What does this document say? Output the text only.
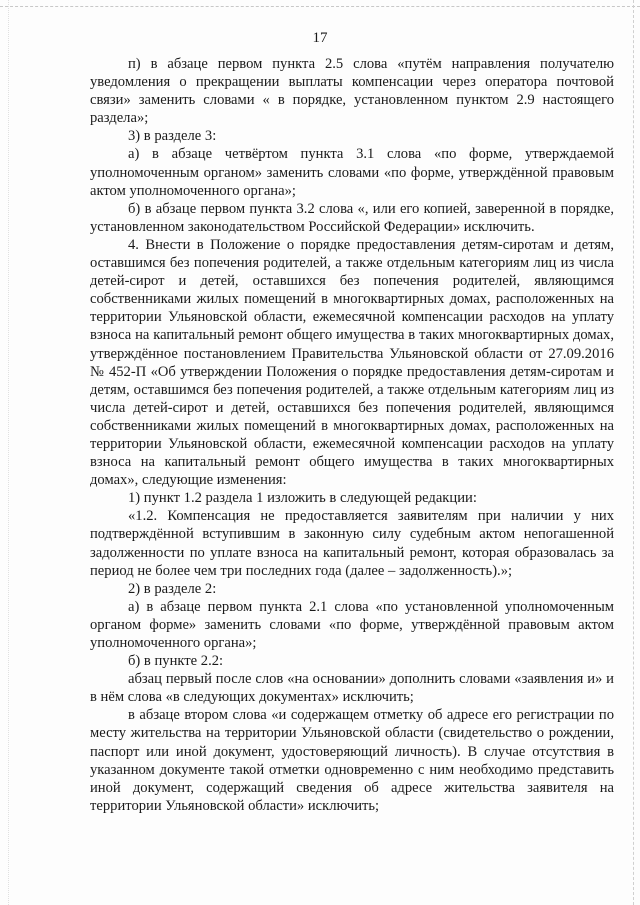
17

п) в абзаце первом пункта 2.5 слова «путём направления получателю уведомления о прекращении выплаты компенсации через оператора почтовой связи» заменить словами « в порядке, установленном пунктом 2.9 настоящего раздела»;

3) в разделе 3:

а) в абзаце четвёртом пункта 3.1 слова «по форме, утверждаемой уполномоченным органом» заменить словами «по форме, утверждённой правовым актом уполномоченного органа»;

б) в абзаце первом пункта 3.2 слова «, или его копией, заверенной в порядке, установленном законодательством Российской Федерации» исключить.

4. Внести в Положение о порядке предоставления детям-сиротам и детям, оставшимся без попечения родителей, а также отдельным категориям лиц из числа детей-сирот и детей, оставшихся без попечения родителей, являющимся собственниками жилых помещений в многоквартирных домах, расположенных на территории Ульяновской области, ежемесячной компенсации расходов на уплату взноса на капитальный ремонт общего имущества в таких многоквартирных домах, утверждённое постановлением Правительства Ульяновской области от 27.09.2016 № 452-П «Об утверждении Положения о порядке предоставления детям-сиротам и детям, оставшимся без попечения родителей, а также отдельным категориям лиц из числа детей-сирот и детей, оставшихся без попечения родителей, являющимся собственниками жилых помещений в многоквартирных домах, расположенных на территории Ульяновской области, ежемесячной компенсации расходов на уплату взноса на капитальный ремонт общего имущества в таких многоквартирных домах», следующие изменения:

1) пункт 1.2 раздела 1 изложить в следующей редакции:

«1.2. Компенсация не предоставляется заявителям при наличии у них подтверждённой вступившим в законную силу судебным актом непогашенной задолженности по уплате взноса на капитальный ремонт, которая образовалась за период не более чем три последних года (далее – задолженность).»;

2) в разделе 2:

а) в абзаце первом пункта 2.1 слова «по установленной уполномоченным органом форме» заменить словами «по форме, утверждённой правовым актом уполномоченного органа»;

б) в пункте 2.2:

абзац первый после слов «на основании» дополнить словами «заявления и» и в нём слова «в следующих документах» исключить;

в абзаце втором слова «и содержащем отметку об адресе его регистрации по месту жительства на территории Ульяновской области (свидетельство о рождении, паспорт или иной документ, удостоверяющий личность). В случае отсутствия в указанном документе такой отметки одновременно с ним необходимо представить иной документ, содержащий сведения об адресе жительства заявителя на территории Ульяновской области» исключить;
